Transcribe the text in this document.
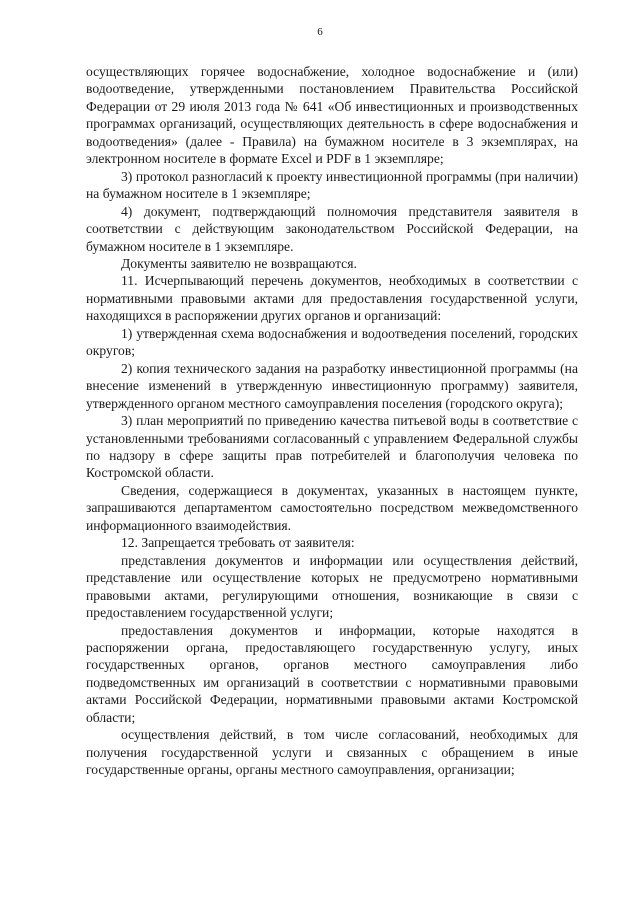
6

осуществляющих горячее водоснабжение, холодное водоснабжение и (или) водоотведение, утвержденными постановлением Правительства Российской Федерации от 29 июля 2013 года № 641 «Об инвестиционных и производственных программах организаций, осуществляющих деятельность в сфере водоснабжения и водоотведения» (далее - Правила) на бумажном носителе в 3 экземплярах, на электронном носителе в формате Excel и PDF в 1 экземпляре;

3) протокол разногласий к проекту инвестиционной программы (при наличии) на бумажном носителе в 1 экземпляре;

4) документ, подтверждающий полномочия представителя заявителя в соответствии с действующим законодательством Российской Федерации, на бумажном носителе в 1 экземпляре.

Документы заявителю не возвращаются.

11. Исчерпывающий перечень документов, необходимых в соответствии с нормативными правовыми актами для предоставления государственной услуги, находящихся в распоряжении других органов и организаций:

1) утвержденная схема водоснабжения и водоотведения поселений, городских округов;

2) копия технического задания на разработку инвестиционной программы (на внесение изменений в утвержденную инвестиционную программу) заявителя, утвержденного органом местного самоуправления поселения (городского округа);

3) план мероприятий по приведению качества питьевой воды в соответствие с установленными требованиями согласованный с управлением Федеральной службы по надзору в сфере защиты прав потребителей и благополучия человека по Костромской области.

Сведения, содержащиеся в документах, указанных в настоящем пункте, запрашиваются департаментом самостоятельно посредством межведомственного информационного взаимодействия.

12. Запрещается требовать от заявителя:

представления документов и информации или осуществления действий, представление или осуществление которых не предусмотрено нормативными правовыми актами, регулирующими отношения, возникающие в связи с предоставлением государственной услуги;

предоставления документов и информации, которые находятся в распоряжении органа, предоставляющего государственную услугу, иных государственных органов, органов местного самоуправления либо подведомственных им организаций в соответствии с нормативными правовыми актами Российской Федерации, нормативными правовыми актами Костромской области;

осуществления действий, в том числе согласований, необходимых для получения государственной услуги и связанных с обращением в иные государственные органы, органы местного самоуправления, организации;
